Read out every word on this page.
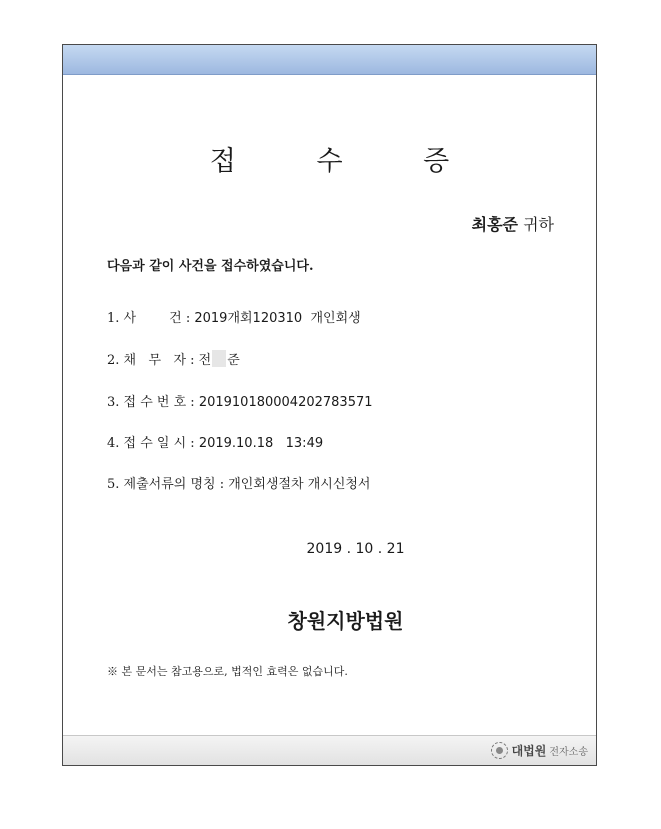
접 수 증
최홍준 귀하
다음과 같이 사건을 접수하였습니다.
1. 사        건 : 2019개회120310  개인회생
2. 채   무   자 : 전 준
3. 접 수 번 호 : 20191018000420278357​1
4. 접 수 일 시 : 2019.10.18   13:49
5. 제출서류의 명칭 : 개인회생절차 개시신청서
2019 . 10 . 21
창원지방법원
※ 본 문서는 참고용으로, 법적인 효력은 없습니다.
대법원 전자소송
